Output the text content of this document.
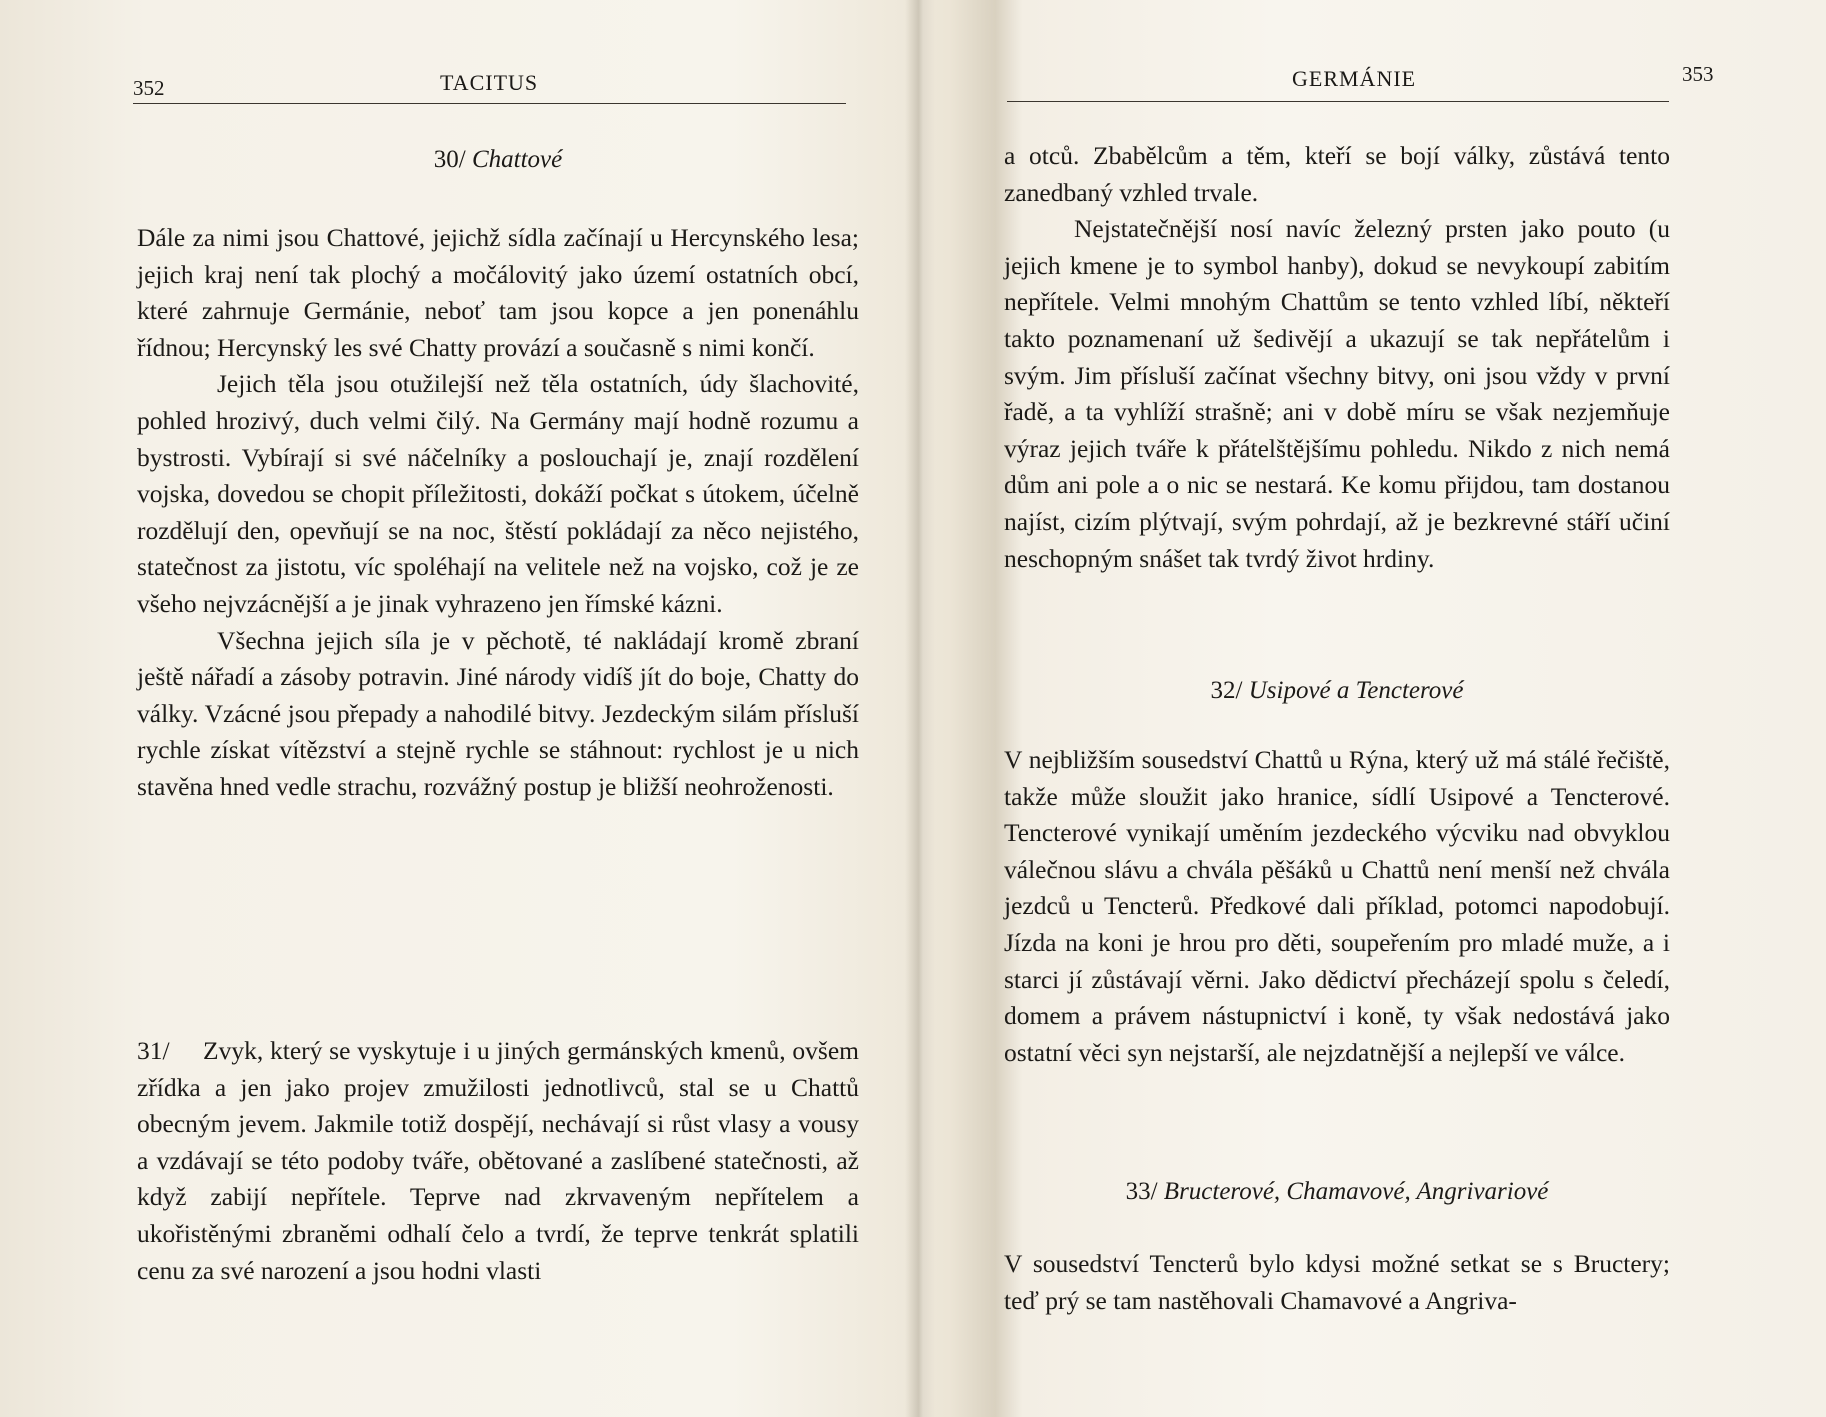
352	TACITUS
30/ Chattové

Dále za nimi jsou Chattové, jejichž sídla začínají u Hercynského lesa; jejich kraj není tak plochý a močálovitý jako území ostatních obcí, které zahrnuje Germánie, neboť tam jsou kopce a jen ponenáhlu řídnou; Hercynský les své Chatty provází a současně s nimi končí.

Jejich těla jsou otužilejší než těla ostatních, údy šlachovité, pohled hrozivý, duch velmi čilý. Na Germány mají hodně rozumu a bystrosti. Vybírají si své náčelníky a poslouchají je, znají rozdělení vojska, dovedou se chopit příležitosti, dokáží počkat s útokem, účelně rozdělují den, opevňují se na noc, štěstí pokládají za něco nejistého, statečnost za jistotu, víc spoléhají na velitele než na vojsko, což je ze všeho nejvzácnější a je jinak vyhrazeno jen římské kázni.

Všechna jejich síla je v pěchotě, té nakládají kromě zbraní ještě nářadí a zásoby potravin. Jiné národy vidíš jít do boje, Chatty do války. Vzácné jsou přepady a nahodilé bitvy. Jezdeckým silám přísluší rychle získat vítězství a stejně rychle se stáhnout: rychlost je u nich stavěna hned vedle strachu, rozvážný postup je bližší neohroženosti.

31/ Zvyk, který se vyskytuje i u jiných germánských kmenů, ovšem zřídka a jen jako projev zmužilosti jednotlivců, stal se u Chattů obecným jevem. Jakmile totiž dospějí, nechávají si růst vlasy a vousy a vzdávají se této podoby tváře, obětované a zaslíbené statečnosti, až když zabijí nepřítele. Teprve nad zkrvaveným nepřítelem a ukořistěnými zbraněmi odhalí čelo a tvrdí, že teprve tenkrát splatili cenu za své narození a jsou hodni vlasti

GERMÁNIE	353

a otců. Zbabělcům a těm, kteří se bojí války, zůstává tento zanedbaný vzhled trvale.

Nejstatečnější nosí navíc železný prsten jako pouto (u jejich kmene je to symbol hanby), dokud se nevykoupí zabitím nepřítele. Velmi mnohým Chattům se tento vzhled líbí, někteří takto poznamenaní už šedivějí a ukazují se tak nepřátelům i svým. Jim přísluší začínat všechny bitvy, oni jsou vždy v první řadě, a ta vyhlíží strašně; ani v době míru se však nezjemňuje výraz jejich tváře k přátelštějšímu pohledu. Nikdo z nich nemá dům ani pole a o nic se nestará. Ke komu přijdou, tam dostanou najíst, cizím plýtvají, svým pohrdají, až je bezkrevné stáří učiní neschopným snášet tak tvrdý život hrdiny.

32/ Usipové a Tencterové

V nejbližším sousedství Chattů u Rýna, který už má stálé řečiště, takže může sloužit jako hranice, sídlí Usipové a Tencterové. Tencterové vynikají uměním jezdeckého výcviku nad obvyklou válečnou slávu a chvála pěšáků u Chattů není menší než chvála jezdců u Tencterů. Předkové dali příklad, potomci napodobují. Jízda na koni je hrou pro děti, soupeřením pro mladé muže, a i starci jí zůstávají věrni. Jako dědictví přecházejí spolu s čeledí, domem a právem nástupnictví i koně, ty však nedostává jako ostatní věci syn nejstarší, ale nejzdatnější a nejlepší ve válce.

33/ Bructerové, Chamavové, Angrivariové

V sousedství Tencterů bylo kdysi možné setkat se s Bructery; teď prý se tam nastěhovali Chamavové a Angriva-
